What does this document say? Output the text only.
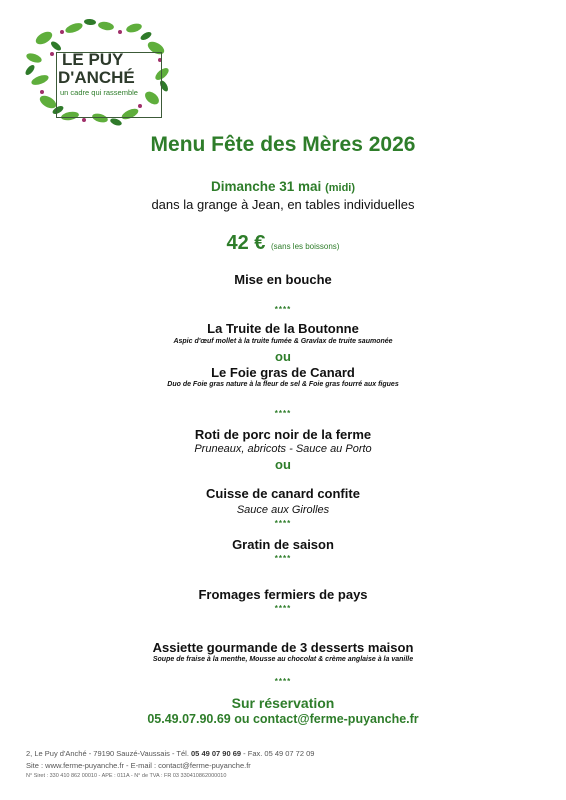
LE PUY
D'ANCHÉ
un cadre qui rassemble
Menu Fête des Mères 2026
Dimanche 31 mai (midi)
dans la grange à Jean, en tables individuelles
42 € (sans les boissons)
Mise en bouche
****
La Truite de la Boutonne
Aspic d'œuf mollet à la truite fumée & Gravlax de truite saumonée
ou
Le Foie gras de Canard
Duo de Foie gras nature à la fleur de sel & Foie gras fourré aux figues
****
Roti de porc noir de la ferme
Pruneaux, abricots - Sauce au Porto
ou
Cuisse de canard confite
Sauce aux Girolles
****
Gratin de saison
****
Fromages fermiers de pays
****
Assiette gourmande de 3 desserts maison
Soupe de fraise à la menthe, Mousse au chocolat & crème anglaise à la vanille
****
Sur réservation
05.49.07.90.69 ou contact@ferme-puyanche.fr
2, Le Puy d'Anché - 79190 Sauzé-Vaussais - Tél. 05 49 07 90 69 - Fax. 05 49 07 72 09
Site : www.ferme-puyanche.fr - E-mail : contact@ferme-puyanche.fr
N° Siret : 330 410 862 00010 - APE : 011A - N° de TVA : FR 03 330410862000010
